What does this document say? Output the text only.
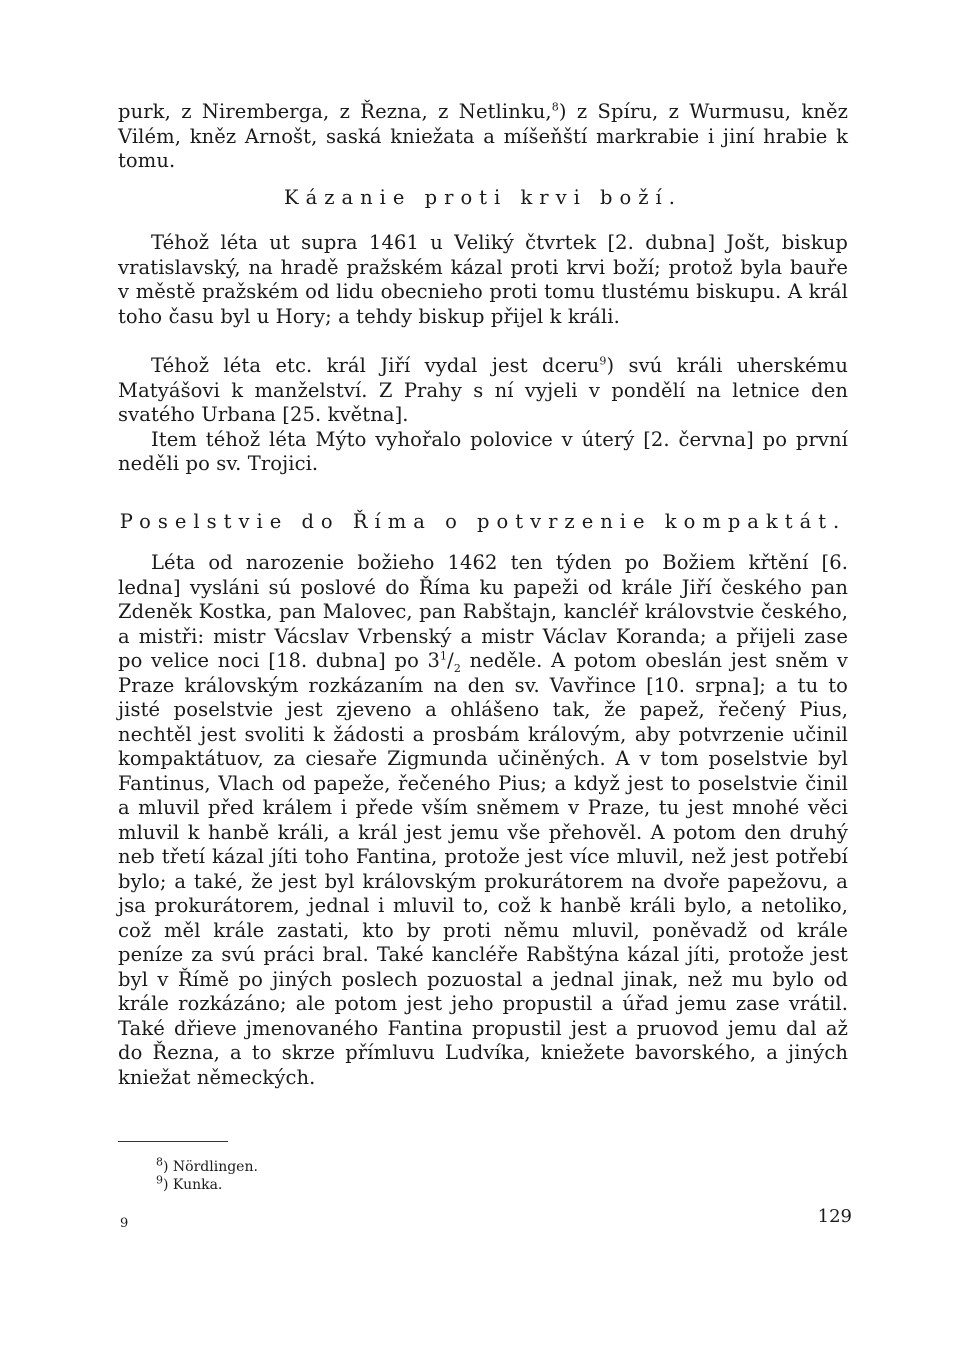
purk, z Niremberga, z Řezna, z Netlinku,$^8$) z Spíru, z Wurmusu, kněz Vilém, kněz Arnošt, saská kniežata a míšeňští markrabie i jiní hrabie k tomu.

Kázanie proti krvi boží.

Téhož léta ut supra 1461 u Veliký čtvrtek [2. dubna] Jošt, biskup vratislavský, na hradě pražském kázal proti krvi boží; protož byla bauře v městě pražském od lidu obecnieho proti tomu tlustému biskupu. A král toho času byl u Hory; a tehdy biskup přijel k králi.

Téhož léta etc. král Jiří vydal jest dceru$^9$) svú králi uherskému Matyášovi k manželství. Z Prahy s ní vyjeli v pondělí na letnice den svatého Urbana [25. května].

Item téhož léta Mýto vyhořalo polovice v úterý [2. června] po první neděli po sv. Trojici.

Poselstvie do Říma o potvrzenie kompaktát.

Léta od narozenie božieho 1462 ten týden po Božiem křtění [6. ledna] vysláni sú poslové do Říma ku papeži od krále Jiří českého pan Zdeněk Kostka, pan Malovec, pan Rabštajn, kancléř královstvie českého, a mistři: mistr Vácslav Vrbenský a mistr Václav Koranda; a přijeli zase po velice noci [18. dubna] po $3^1/_2$ neděle. A potom obeslán jest sněm v Praze královským rozkázaním na den sv. Vavřince [10. srpna]; a tu to jisté poselstvie jest zjeveno a ohlášeno tak, že papež, řečený Pius, nechtěl jest svoliti k žádosti a prosbám královým, aby potvrzenie učinil kompaktátuov, za ciesaře Zigmunda učiněných. A v tom poselstvie byl Fantinus, Vlach od papeže, řečeného Pius; a když jest to poselstvie činil a mluvil před králem i přede vším sněmem v Praze, tu jest mnohé věci mluvil k hanbě králi, a král jest jemu vše přehověl. A potom den druhý neb třetí kázal jíti toho Fantina, protože jest více mluvil, než jest potřebí bylo; a také, že jest byl královským prokurátorem na dvoře papežovu, a jsa prokurátorem, jednal i mluvil to, což k hanbě králi bylo, a netoliko, což měl krále zastati, kto by proti němu mluvil, poněvadž od krále peníze za svú práci bral. Také kancléře Rabštýna kázal jíti, protože jest byl v Římě po jiných poslech pozuostal a jednal jinak, než mu bylo od krále rozkázáno; ale potom jest jeho propustil a úřad jemu zase vrátil. Také dřieve jmenovaného Fantina propustil jest a pruovod jemu dal až do Řezna, a to skrze přímluvu Ludvíka, kniežete bavorského, a jiných kniežat německých.

$^8$) Nördlingen.
$^9$) Kunka.
9	129
